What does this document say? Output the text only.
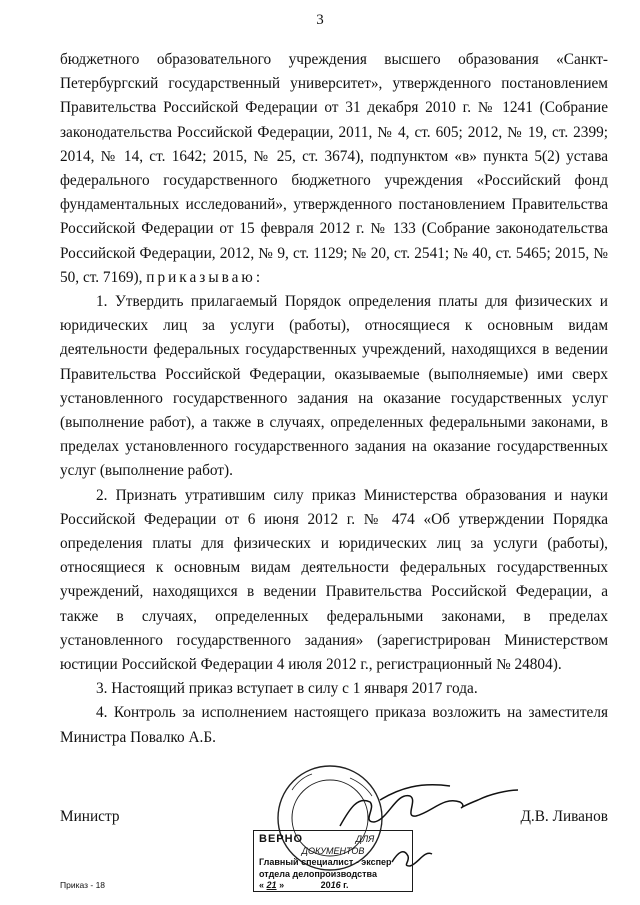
3

бюджетного образовательного учреждения высшего образования «Санкт-Петербургский государственный университет», утвержденного постановлением Правительства Российской Федерации от 31 декабря 2010 г. № 1241 (Собрание законодательства Российской Федерации, 2011, № 4, ст. 605; 2012, № 19, ст. 2399; 2014, № 14, ст. 1642; 2015, № 25, ст. 3674), подпунктом «в» пункта 5(2) устава федерального государственного бюджетного учреждения «Российский фонд фундаментальных исследований», утвержденного постановлением Правительства Российской Федерации от 15 февраля 2012 г. № 133 (Собрание законодательства Российской Федерации, 2012, № 9, ст. 1129; № 20, ст. 2541; № 40, ст. 5465; 2015, № 50, ст. 7169), приказываю:

1. Утвердить прилагаемый Порядок определения платы для физических и юридических лиц за услуги (работы), относящиеся к основным видам деятельности федеральных государственных учреждений, находящихся в ведении Правительства Российской Федерации, оказываемые (выполняемые) ими сверх установленного государственного задания на оказание государственных услуг (выполнение работ), а также в случаях, определенных федеральными законами, в пределах установленного государственного задания на оказание государственных услуг (выполнение работ).

2. Признать утратившим силу приказ Министерства образования и науки Российской Федерации от 6 июня 2012 г. № 474 «Об утверждении Порядка определения платы для физических и юридических лиц за услуги (работы), относящиеся к основным видам деятельности федеральных государственных учреждений, находящихся в ведении Правительства Российской Федерации, а также в случаях, определенных федеральными законами, в пределах установленного государственного задания» (зарегистрирован Министерством юстиции Российской Федерации 4 июля 2012 г., регистрационный № 24804).

3. Настоящий приказ вступает в силу с 1 января 2017 года.

4. Контроль за исполнением настоящего приказа возложить на заместителя Министра Повалко А.Б.

ВЕРНО	ДЛЯ
ДОКУМЕНТОВ
Главный специалист - экспер
отдела делопроизводства
« 21 »	2016 г.
Министр	Д.В. Ливанов
Приказ - 18
